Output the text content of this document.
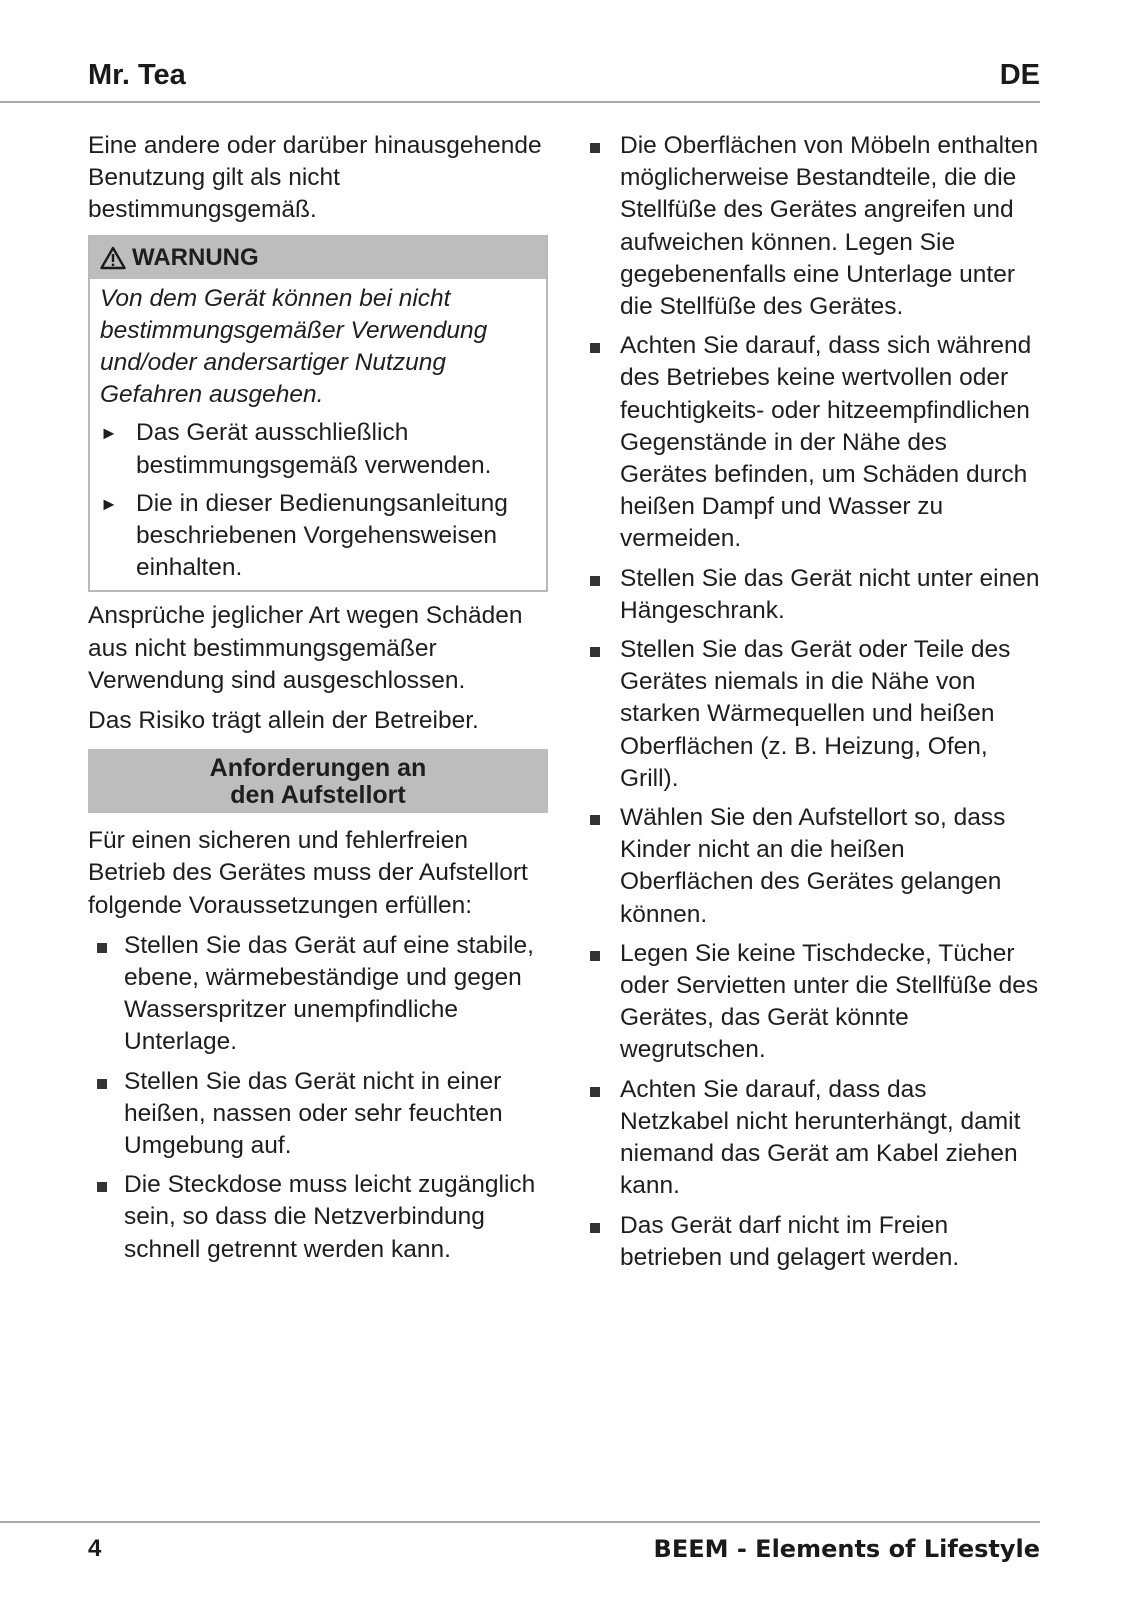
Mr. Tea	DE

Eine andere oder darüber hinausgehende Benutzung gilt als nicht bestimmungsgemäß.

WARNUNG
Von dem Gerät können bei nicht bestimmungsgemäßer Verwendung und/oder andersartiger Nutzung Gefahren ausgehen.
► Das Gerät ausschließlich bestimmungsgemäß verwenden.
► Die in dieser Bedienungsanleitung beschriebenen Vorgehensweisen einhalten.

Ansprüche jeglicher Art wegen Schäden aus nicht bestimmungsgemäßer Verwendung sind ausgeschlossen.

Das Risiko trägt allein der Betreiber.

Anforderungen an
den Aufstellort

Für einen sicheren und fehlerfreien Betrieb des Gerätes muss der Aufstellort folgende Voraussetzungen erfüllen:

Stellen Sie das Gerät auf eine stabile, ebene, wärmebeständige und gegen Wasserspritzer unempfindliche Unterlage.
Stellen Sie das Gerät nicht in einer heißen, nassen oder sehr feuchten Umgebung auf.
Die Steckdose muss leicht zugänglich sein, so dass die Netzverbindung schnell getrennt werden kann.
Die Oberflächen von Möbeln enthalten möglicherweise Bestandteile, die die Stellfüße des Gerätes angreifen und aufweichen können. Legen Sie gegebenenfalls eine Unterlage unter die Stellfüße des Gerätes.
Achten Sie darauf, dass sich während des Betriebes keine wertvollen oder feuchtigkeits- oder hitzeempfindlichen Gegenstände in der Nähe des Gerätes befinden, um Schäden durch heißen Dampf und Wasser zu vermeiden.
Stellen Sie das Gerät nicht unter einen Hängeschrank.
Stellen Sie das Gerät oder Teile des Gerätes niemals in die Nähe von starken Wärmequellen und heißen Oberflächen (z. B. Heizung, Ofen, Grill).
Wählen Sie den Aufstellort so, dass Kinder nicht an die heißen Oberflächen des Gerätes gelangen können.
Legen Sie keine Tischdecke, Tücher oder Servietten unter die Stellfüße des Gerätes, das Gerät könnte wegrutschen.
Achten Sie darauf, dass das Netzkabel nicht herunterhängt, damit niemand das Gerät am Kabel ziehen kann.
Das Gerät darf nicht im Freien betrieben und gelagert werden.
4	BEEM - Elements of Lifestyle
